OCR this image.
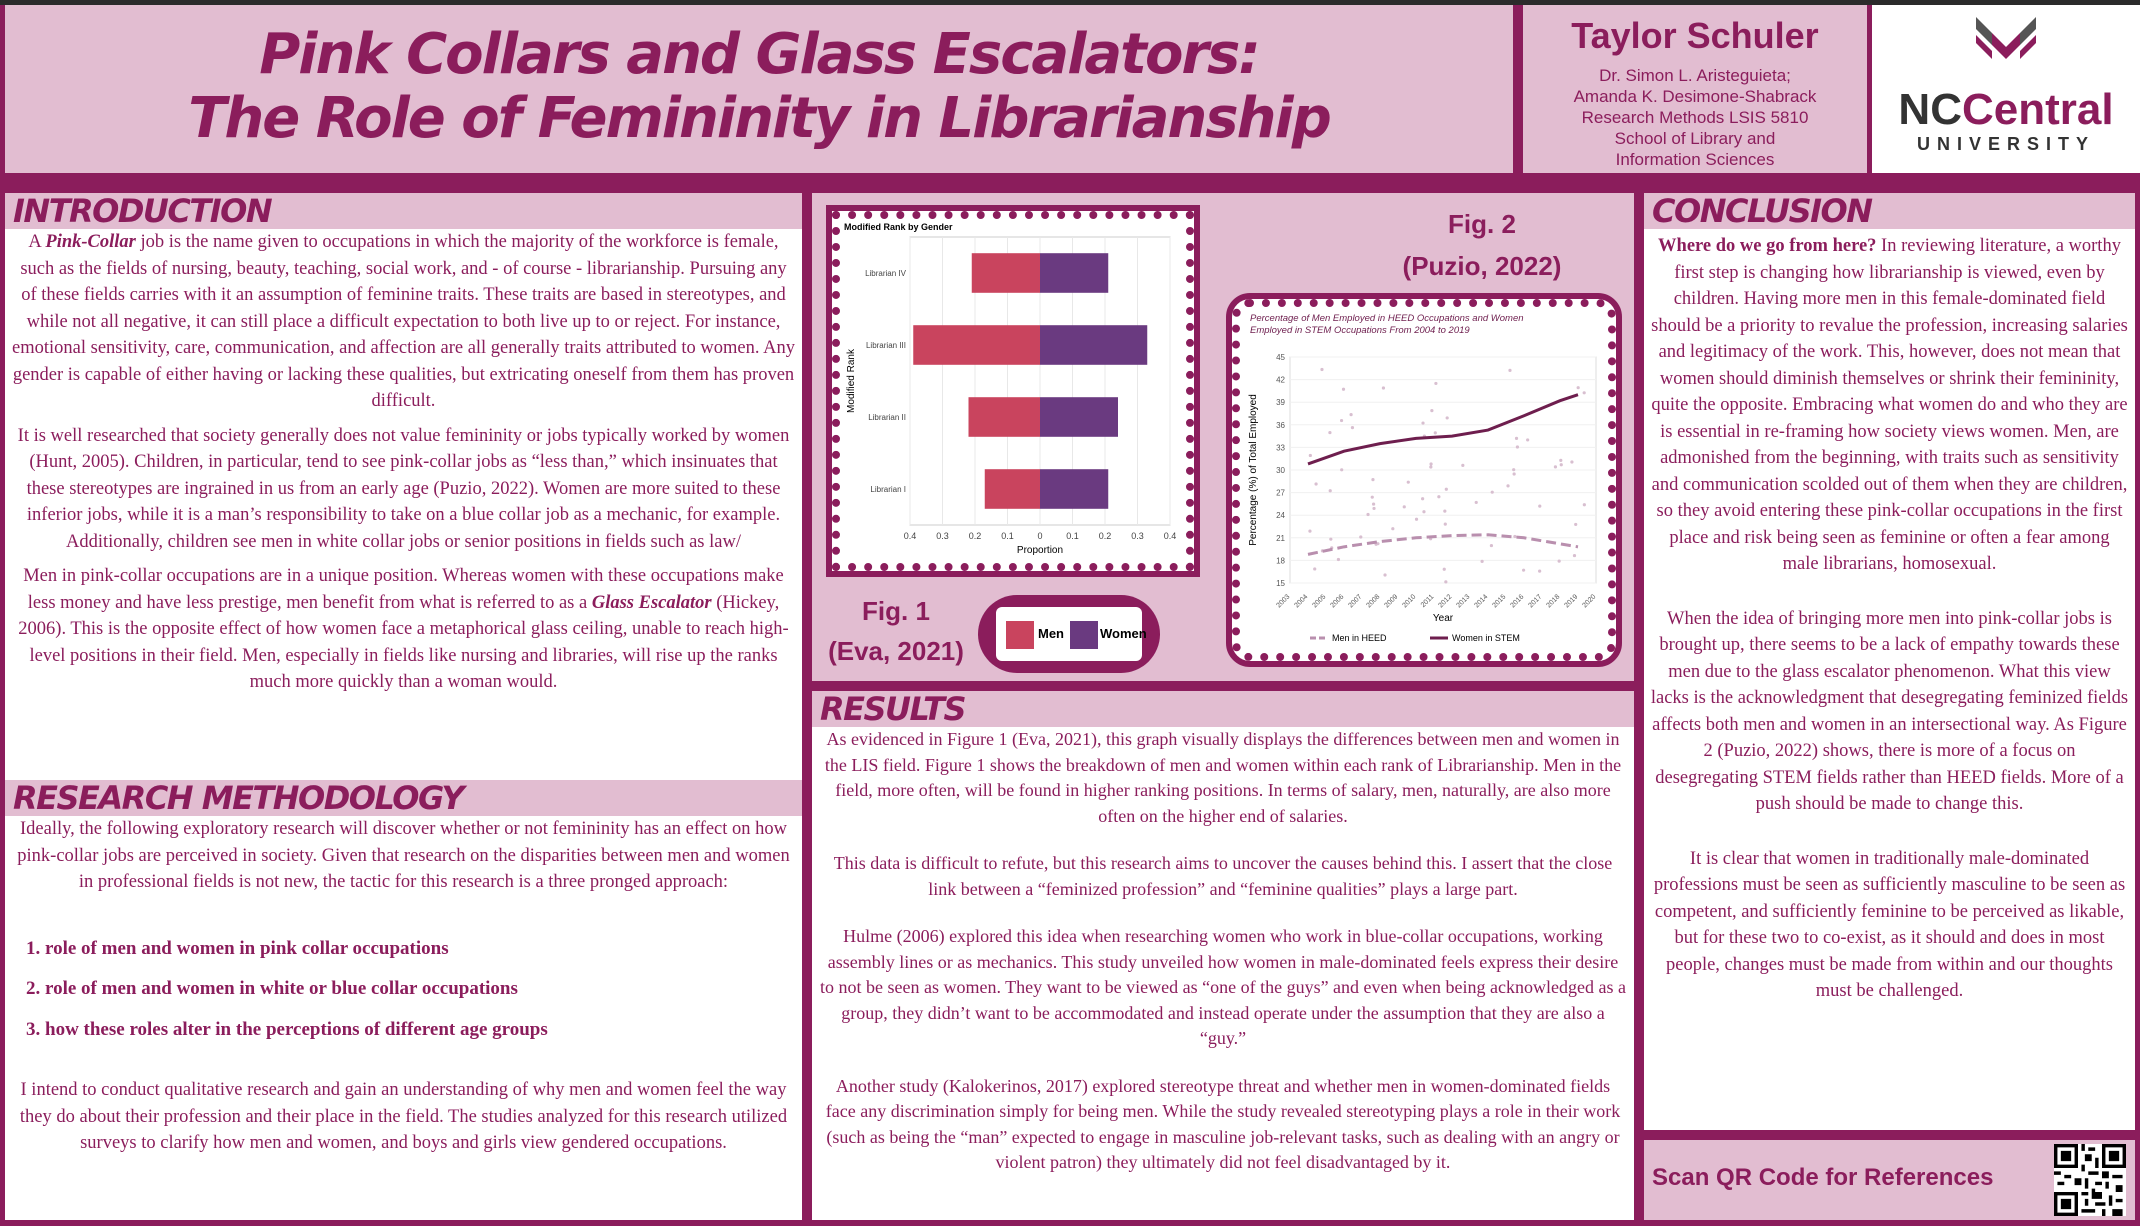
Pink Collars and Glass Escalators:
The Role of Femininity in Librarianship
Taylor Schuler
Dr. Simon L. Aristeguieta;
Amanda K. Desimone-Shabrack
Research Methods LSIS 5810
School of Library and
Information Sciences
NCCentral
UNIVERSITY
INTRODUCTION

A Pink-Collar job is the name given to occupations in which the majority of the workforce is female, such as the fields of nursing, beauty, teaching, social work, and - of course - librarianship. Pursuing any of these fields carries with it an assumption of feminine traits. These traits are based in stereotypes, and while not all negative, it can still place a difficult expectation to both live up to or reject. For instance, emotional sensitivity, care, communication, and affection are all generally traits attributed to women. Any gender is capable of either having or lacking these qualities, but extricating oneself from them has proven difficult.

It is well researched that society generally does not value femininity or jobs typically worked by women (Hunt, 2005). Children, in particular, tend to see pink-collar jobs as “less than,” which insinuates that these stereotypes are ingrained in us from an early age (Puzio, 2022). Women are more suited to these inferior jobs, while it is a man’s responsibility to take on a blue collar job as a mechanic, for example. Additionally, children see men in white collar jobs or senior positions in fields such as law/

Men in pink-collar occupations are in a unique position. Whereas women with these occupations make less money and have less prestige, men benefit from what is referred to as a Glass Escalator (Hickey, 2006). This is the opposite effect of how women face a metaphorical glass ceiling, unable to reach high-level positions in their field. Men, especially in fields like nursing and libraries, will rise up the ranks much more quickly than a woman would.

RESEARCH METHODOLOGY

Ideally, the following exploratory research will discover whether or not femininity has an effect on how pink-collar jobs are perceived in society. Given that research on the disparities between men and women in professional fields is not new, the tactic for this research is a three pronged approach:

1. role of men and women in pink collar occupations
2. role of men and women in white or blue collar occupations
3. how these roles alter in the perceptions of different age groups

I intend to conduct qualitative research and gain an understanding of why men and women feel the way they do about their profession and their place in the field. The studies analyzed for this research utilized surveys to clarify how men and women, and boys and girls view gendered occupations.

Modified Rank by Gender
0.4 0.3 0.2 0.1	0	0.1 0.2 0.3 0.4
Proportion
Modified Rank
Librarian IV
Librarian III
Librarian II
Librarian I
Fig. 1
(Eva, 2021)
Men	Women
Fig. 2
(Puzio, 2022)
Percentage of Men Employed in HEED Occupations and Women
Employed in STEM Occupations From 2004 to 2019
15
18
21
24
27
30
33
36
39
42
45
2003 2004 2005 2006 2007 2008 2009 2010 2011 2012 2013 2014 2015 2016 2017 2018 2019 2020
Year
Percentage (%) of Total Employed
Men in HEED	Women in STEM
RESULTS

As evidenced in Figure 1 (Eva, 2021), this graph visually displays the differences between men and women in the LIS field. Figure 1 shows the breakdown of men and women within each rank of Librarianship. Men in the field, more often, will be found in higher ranking positions. In terms of salary, men, naturally, are also more often on the higher end of salaries.

This data is difficult to refute, but this research aims to uncover the causes behind this. I assert that the close link between a “feminized profession” and “feminine qualities” plays a large part.

Hulme (2006) explored this idea when researching women who work in blue-collar occupations, working assembly lines or as mechanics. This study unveiled how women in male-dominated feels express their desire to not be seen as women. They want to be viewed as “one of the guys” and even when being acknowledged as a group, they didn’t want to be accommodated and instead operate under the assumption that they are also a “guy.”

Another study (Kalokerinos, 2017) explored stereotype threat and whether men in women-dominated fields face any discrimination simply for being men. While the study revealed stereotyping plays a role in their work (such as being the “man” expected to engage in masculine job-relevant tasks, such as dealing with an angry or violent patron) they ultimately did not feel disadvantaged by it.

CONCLUSION

Where do we go from here? In reviewing literature, a worthy first step is changing how librarianship is viewed, even by children. Having more men in this female-dominated field should be a priority to revalue the profession, increasing salaries and legitimacy of the work. This, however, does not mean that women should diminish themselves or shrink their femininity, quite the opposite. Embracing what women do and who they are is essential in re-framing how society views women. Men, are admonished from the beginning, with traits such as sensitivity and communication scolded out of them when they are children, so they avoid entering these pink-collar occupations in the first place and risk being seen as feminine or often a fear among male librarians, homosexual.

When the idea of bringing more men into pink-collar jobs is brought up, there seems to be a lack of empathy towards these men due to the glass escalator phenomenon. What this view lacks is the acknowledgment that desegregating feminized fields affects both men and women in an intersectional way. As Figure 2 (Puzio, 2022) shows, there is more of a focus on desegregating STEM fields rather than HEED fields. More of a push should be made to change this.

It is clear that women in traditionally male-dominated professions must be seen as sufficiently masculine to be seen as competent, and sufficiently feminine to be perceived as likable, but for these two to co-exist, as it should and does in most people, changes must be made from within and our thoughts must be challenged.

Scan QR Code for References
